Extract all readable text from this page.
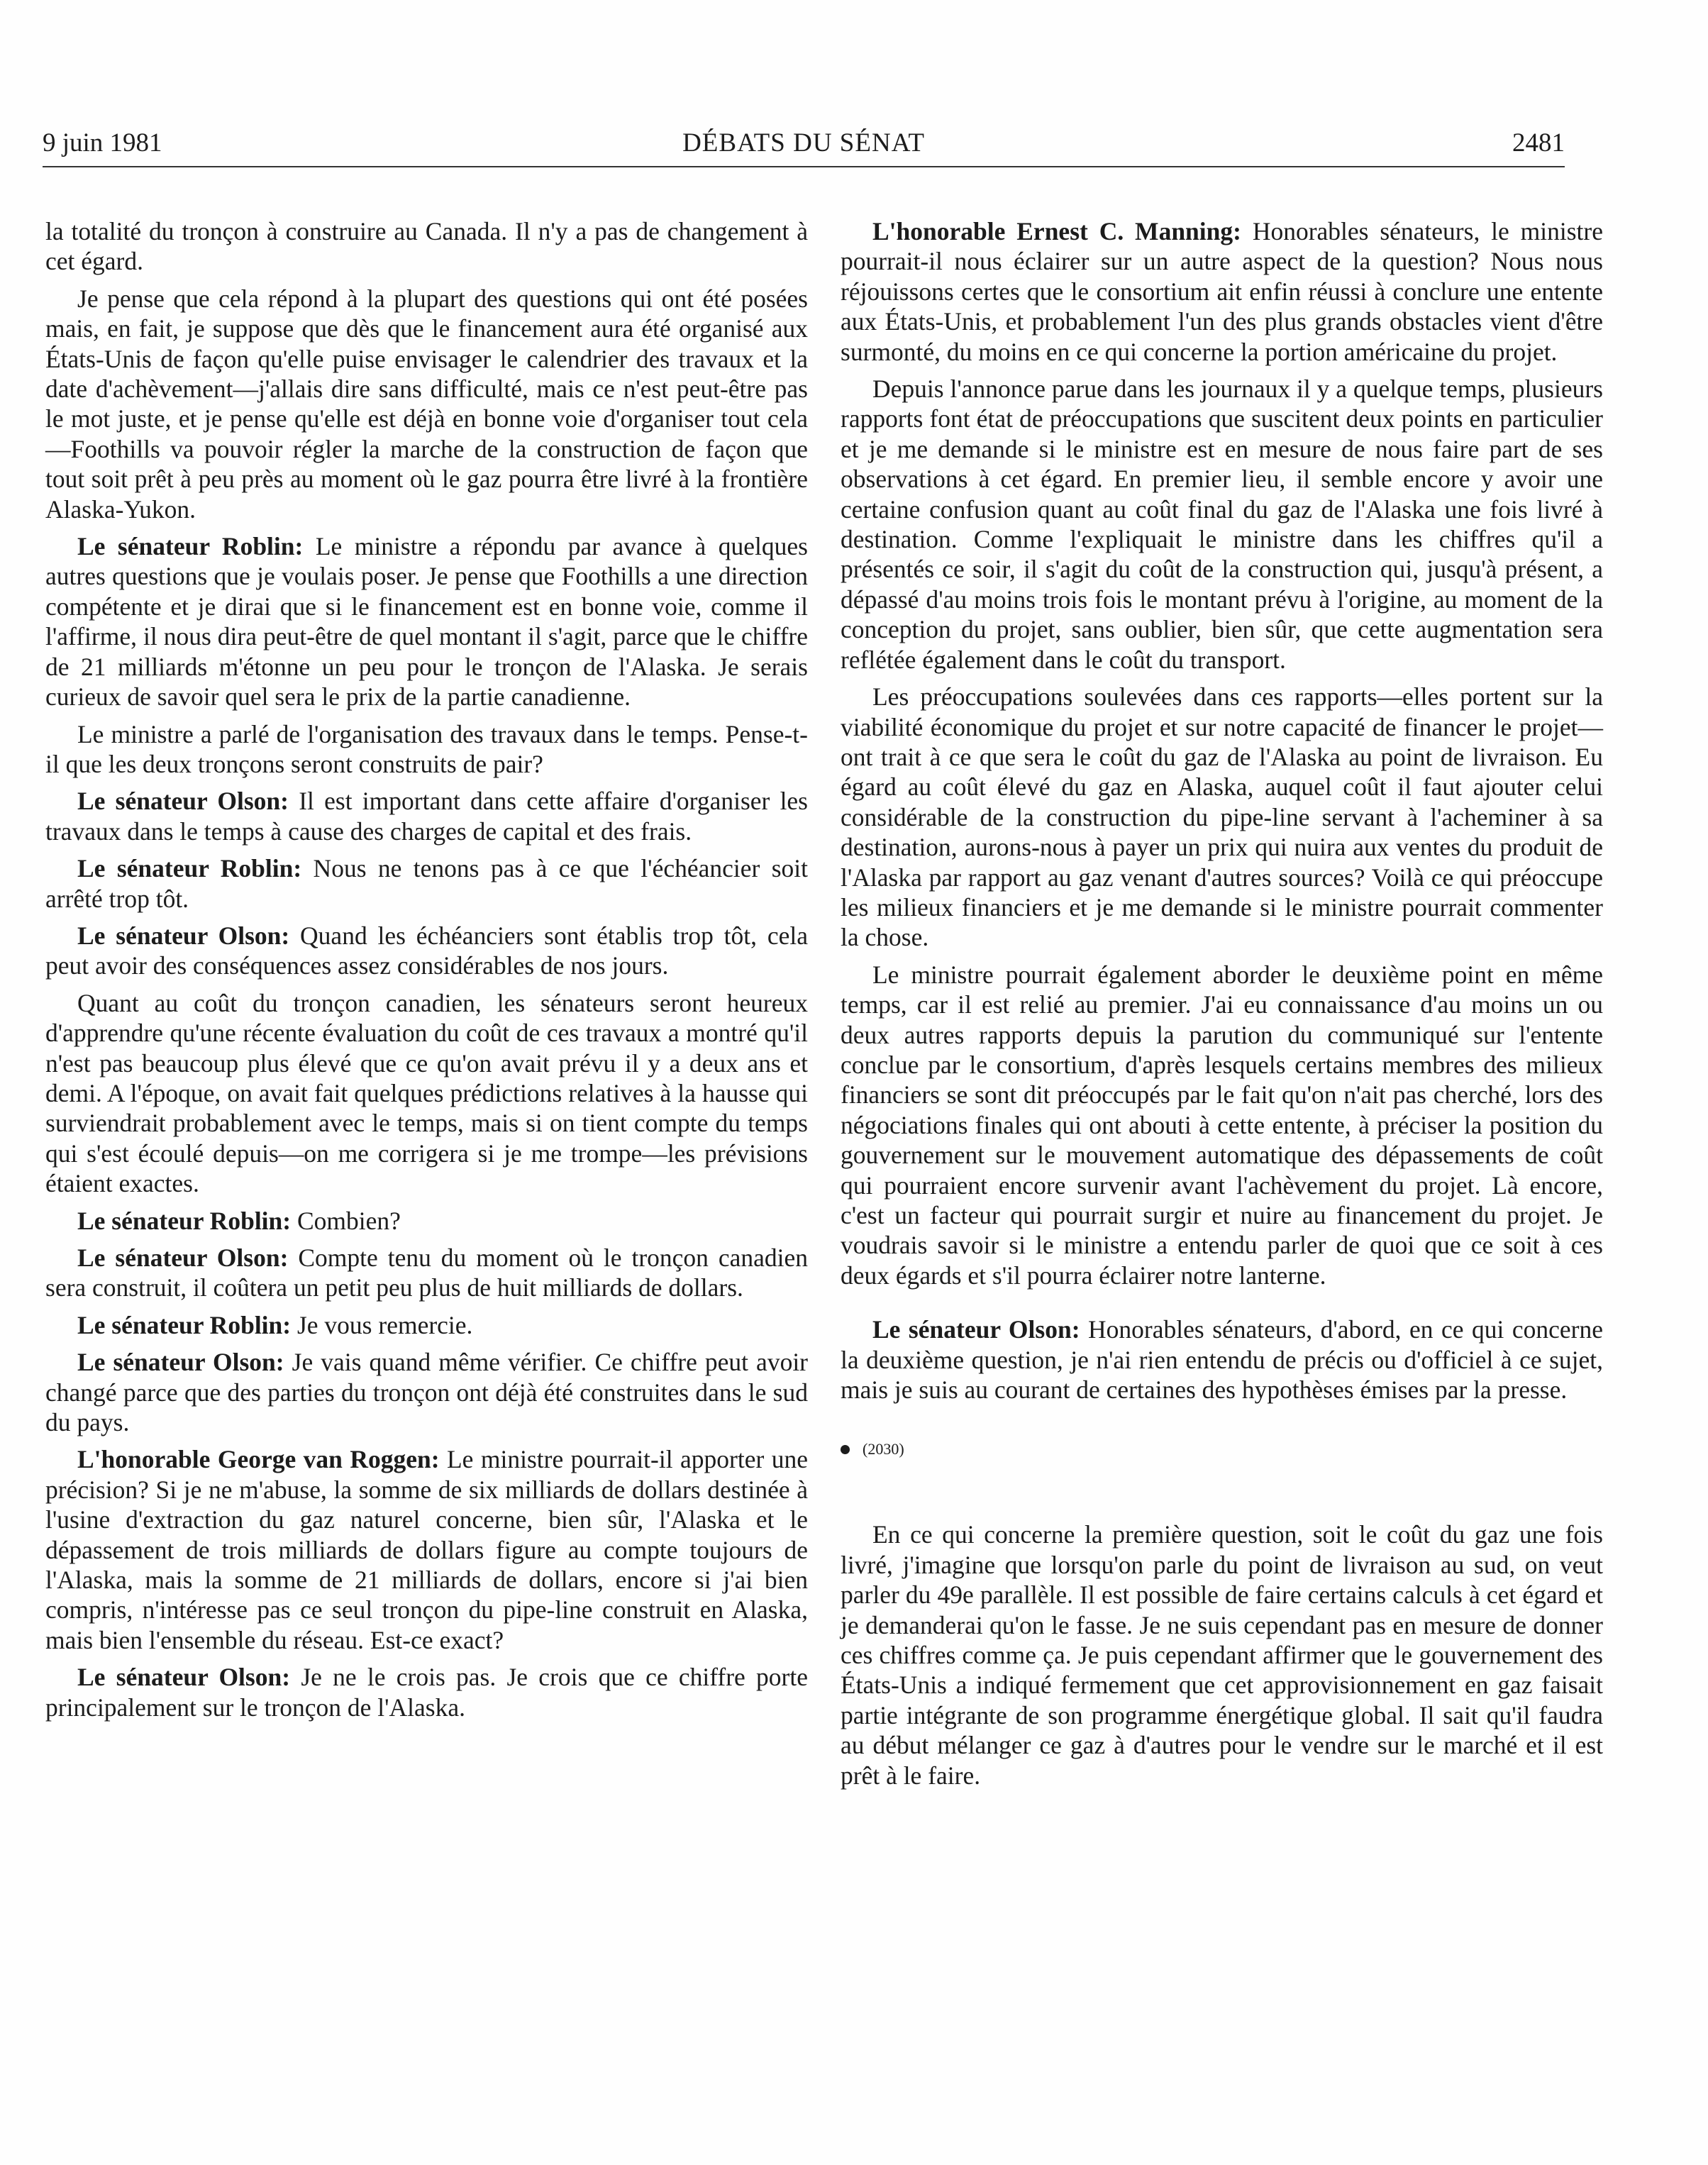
9 juin 1981	DÉBATS DU SÉNAT	2481

la totalité du tronçon à construire au Canada. Il n'y a pas de changement à cet égard.

Je pense que cela répond à la plupart des questions qui ont été posées mais, en fait, je suppose que dès que le financement aura été organisé aux États-Unis de façon qu'elle puise envisager le calendrier des travaux et la date d'achèvement—j'allais dire sans difficulté, mais ce n'est peut-être pas le mot juste, et je pense qu'elle est déjà en bonne voie d'organiser tout cela—Foothills va pouvoir régler la marche de la construction de façon que tout soit prêt à peu près au moment où le gaz pourra être livré à la frontière Alaska-Yukon.

Le sénateur Roblin: Le ministre a répondu par avance à quelques autres questions que je voulais poser. Je pense que Foothills a une direction compétente et je dirai que si le financement est en bonne voie, comme il l'affirme, il nous dira peut-être de quel montant il s'agit, parce que le chiffre de 21 milliards m'étonne un peu pour le tronçon de l'Alaska. Je serais curieux de savoir quel sera le prix de la partie canadienne.

Le ministre a parlé de l'organisation des travaux dans le temps. Pense-t-il que les deux tronçons seront construits de pair?

Le sénateur Olson: Il est important dans cette affaire d'organiser les travaux dans le temps à cause des charges de capital et des frais.

Le sénateur Roblin: Nous ne tenons pas à ce que l'échéancier soit arrêté trop tôt.

Le sénateur Olson: Quand les échéanciers sont établis trop tôt, cela peut avoir des conséquences assez considérables de nos jours.

Quant au coût du tronçon canadien, les sénateurs seront heureux d'apprendre qu'une récente évaluation du coût de ces travaux a montré qu'il n'est pas beaucoup plus élevé que ce qu'on avait prévu il y a deux ans et demi. A l'époque, on avait fait quelques prédictions relatives à la hausse qui surviendrait probablement avec le temps, mais si on tient compte du temps qui s'est écoulé depuis—on me corrigera si je me trompe—les prévisions étaient exactes.

Le sénateur Roblin: Combien?

Le sénateur Olson: Compte tenu du moment où le tronçon canadien sera construit, il coûtera un petit peu plus de huit milliards de dollars.

Le sénateur Roblin: Je vous remercie.

Le sénateur Olson: Je vais quand même vérifier. Ce chiffre peut avoir changé parce que des parties du tronçon ont déjà été construites dans le sud du pays.

L'honorable George van Roggen: Le ministre pourrait-il apporter une précision? Si je ne m'abuse, la somme de six milliards de dollars destinée à l'usine d'extraction du gaz naturel concerne, bien sûr, l'Alaska et le dépassement de trois milliards de dollars figure au compte toujours de l'Alaska, mais la somme de 21 milliards de dollars, encore si j'ai bien compris, n'intéresse pas ce seul tronçon du pipe-line construit en Alaska, mais bien l'ensemble du réseau. Est-ce exact?

Le sénateur Olson: Je ne le crois pas. Je crois que ce chiffre porte principalement sur le tronçon de l'Alaska.

L'honorable Ernest C. Manning: Honorables sénateurs, le ministre pourrait-il nous éclairer sur un autre aspect de la question? Nous nous réjouissons certes que le consortium ait enfin réussi à conclure une entente aux États-Unis, et probablement l'un des plus grands obstacles vient d'être surmonté, du moins en ce qui concerne la portion américaine du projet.

Depuis l'annonce parue dans les journaux il y a quelque temps, plusieurs rapports font état de préoccupations que suscitent deux points en particulier et je me demande si le ministre est en mesure de nous faire part de ses observations à cet égard. En premier lieu, il semble encore y avoir une certaine confusion quant au coût final du gaz de l'Alaska une fois livré à destination. Comme l'expliquait le ministre dans les chiffres qu'il a présentés ce soir, il s'agit du coût de la construction qui, jusqu'à présent, a dépassé d'au moins trois fois le montant prévu à l'origine, au moment de la conception du projet, sans oublier, bien sûr, que cette augmentation sera reflétée également dans le coût du transport.

Les préoccupations soulevées dans ces rapports—elles portent sur la viabilité économique du projet et sur notre capacité de financer le projet—ont trait à ce que sera le coût du gaz de l'Alaska au point de livraison. Eu égard au coût élevé du gaz en Alaska, auquel coût il faut ajouter celui considérable de la construction du pipe-line servant à l'acheminer à sa destination, aurons-nous à payer un prix qui nuira aux ventes du produit de l'Alaska par rapport au gaz venant d'autres sources? Voilà ce qui préoccupe les milieux financiers et je me demande si le ministre pourrait commenter la chose.

Le ministre pourrait également aborder le deuxième point en même temps, car il est relié au premier. J'ai eu connaissance d'au moins un ou deux autres rapports depuis la parution du communiqué sur l'entente conclue par le consortium, d'après lesquels certains membres des milieux financiers se sont dit préoccupés par le fait qu'on n'ait pas cherché, lors des négociations finales qui ont abouti à cette entente, à préciser la position du gouvernement sur le mouvement automatique des dépassements de coût qui pourraient encore survenir avant l'achèvement du projet. Là encore, c'est un facteur qui pourrait surgir et nuire au financement du projet. Je voudrais savoir si le ministre a entendu parler de quoi que ce soit à ces deux égards et s'il pourra éclairer notre lanterne.

Le sénateur Olson: Honorables sénateurs, d'abord, en ce qui concerne la deuxième question, je n'ai rien entendu de précis ou d'officiel à ce sujet, mais je suis au courant de certaines des hypothèses émises par la presse.

(2030)

En ce qui concerne la première question, soit le coût du gaz une fois livré, j'imagine que lorsqu'on parle du point de livraison au sud, on veut parler du 49e parallèle. Il est possible de faire certains calculs à cet égard et je demanderai qu'on le fasse. Je ne suis cependant pas en mesure de donner ces chiffres comme ça. Je puis cependant affirmer que le gouvernement des États-Unis a indiqué fermement que cet approvisionnement en gaz faisait partie intégrante de son programme énergétique global. Il sait qu'il faudra au début mélanger ce gaz à d'autres pour le vendre sur le marché et il est prêt à le faire.
